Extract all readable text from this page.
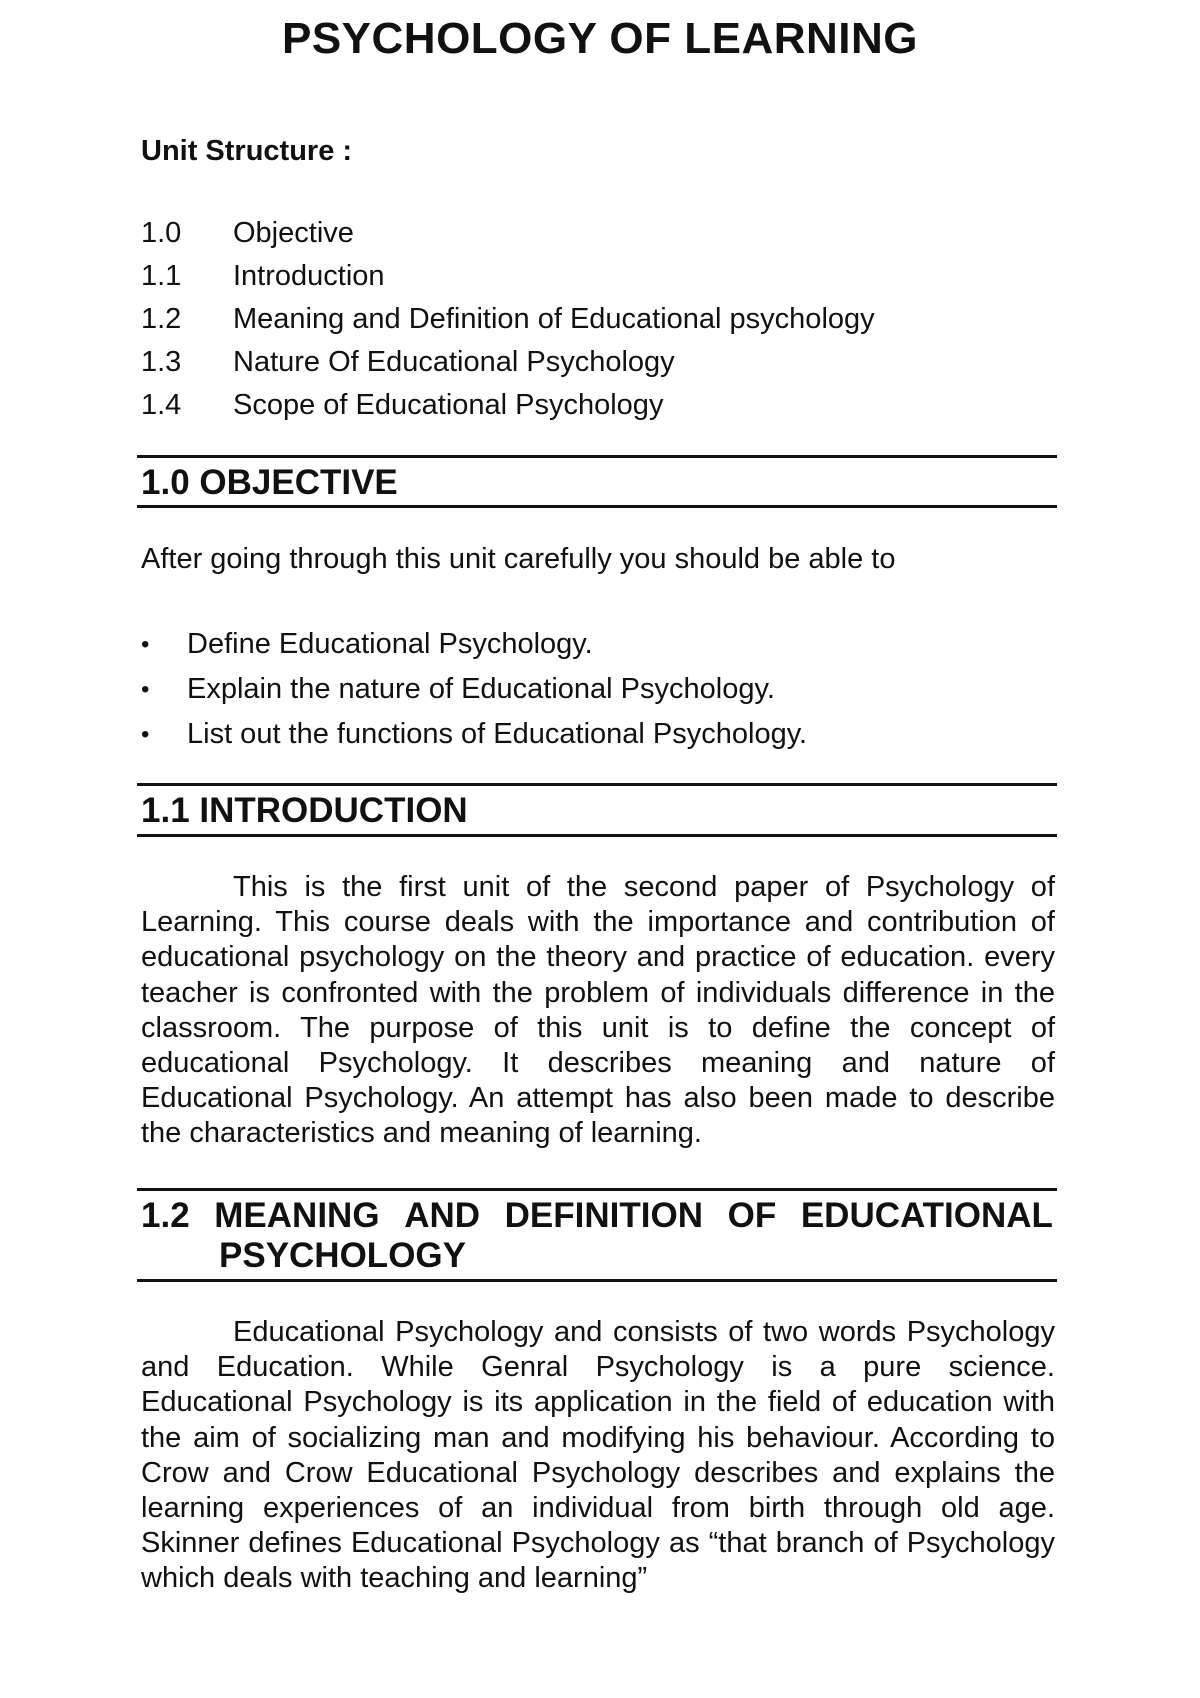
PSYCHOLOGY OF LEARNING

Unit Structure :

1.0	Objective
1.1	Introduction
1.2	Meaning and Definition of Educational psychology
1.3	Nature Of Educational Psychology
1.4	Scope of Educational Psychology
1.0 OBJECTIVE

After going through this unit carefully you should be able to

•	Define Educational Psychology.
•	Explain the nature of Educational Psychology.
•	List out the functions of Educational Psychology.
1.1 INTRODUCTION

This is the first unit of the second paper of Psychology of Learning. This course deals with the importance and contribution of educational psychology on the theory and practice of education. every teacher is confronted with the problem of individuals difference in the classroom. The purpose of this unit is to define the concept of educational Psychology. It describes meaning and nature of Educational Psychology. An attempt has also been made to describe the characteristics and meaning of learning.

1.2 MEANING AND DEFINITION OF EDUCATIONAL
PSYCHOLOGY

Educational Psychology and consists of two words Psychology and Education. While Genral Psychology is a pure science. Educational Psychology is its application in the field of education with the aim of socializing man and modifying his behaviour. According to Crow and Crow Educational Psychology describes and explains the learning experiences of an individual from birth through old age. Skinner defines Educational Psychology as “that branch of Psychology which deals with teaching and learning”
